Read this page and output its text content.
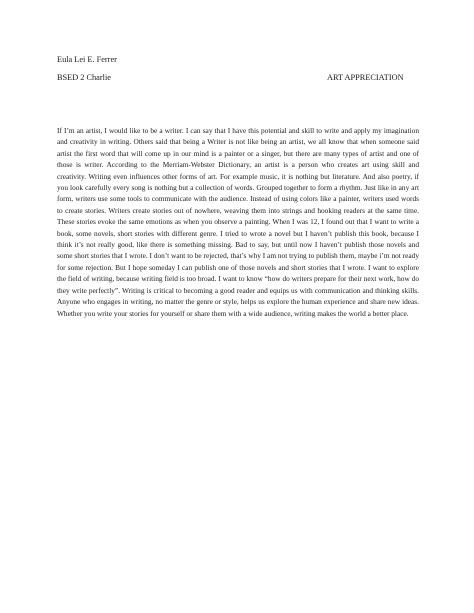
Eula Lei E. Ferrer
BSED 2 Charlie	ART APPRECIATION

If I’m an artist, I would like to be a writer. I can say that I have this potential and skill to write and apply my imagination and creativity in writing. Others said that being a Writer is not like being an artist, we all know that when someone said artist the first word that will come up in our mind is a painter or a singer, but there are many types of artist and one of those is writer. According to the Merriam-Webster Dictionary, an artist is a person who creates art using skill and creativity. Writing even influences other forms of art. For example music, it is nothing but literature. And also poetry, if you look carefully every song is nothing but a collection of words. Grouped together to form a rhythm. Just like in any art form, writers use some tools to communicate with the audience. Instead of using colors like a painter, writers used words to create stories. Writers create stories out of nowhere, weaving them into strings and hooking readers at the same time. These stories evoke the same emotions as when you observe a painting. When I was 12, I found out that I want to write a book, some novels, short stories with different genre. I tried to wrote a novel but I haven’t publish this book, because I think it’s not really good, like there is something missing. Bad to say, but until now I haven’t publish those novels and some short stories that I wrote. I don’t want to be rejected, that’s why I am not trying to publish them, maybe i’m not ready for some rejection. But I hope someday I can publish one of those novels and short stories that I wrote. I want to explore the field of writing, because writing field is too broad. I want to know “how do writers prepare for their next work, how do they write perfectly”. Writing is critical to becoming a good reader and equips us with communication and thinking skills. Anyone who engages in writing, no matter the genre or style, helps us explore the human experience and share new ideas. Whether you write your stories for yourself or share them with a wide audience, writing makes the world a better place.
